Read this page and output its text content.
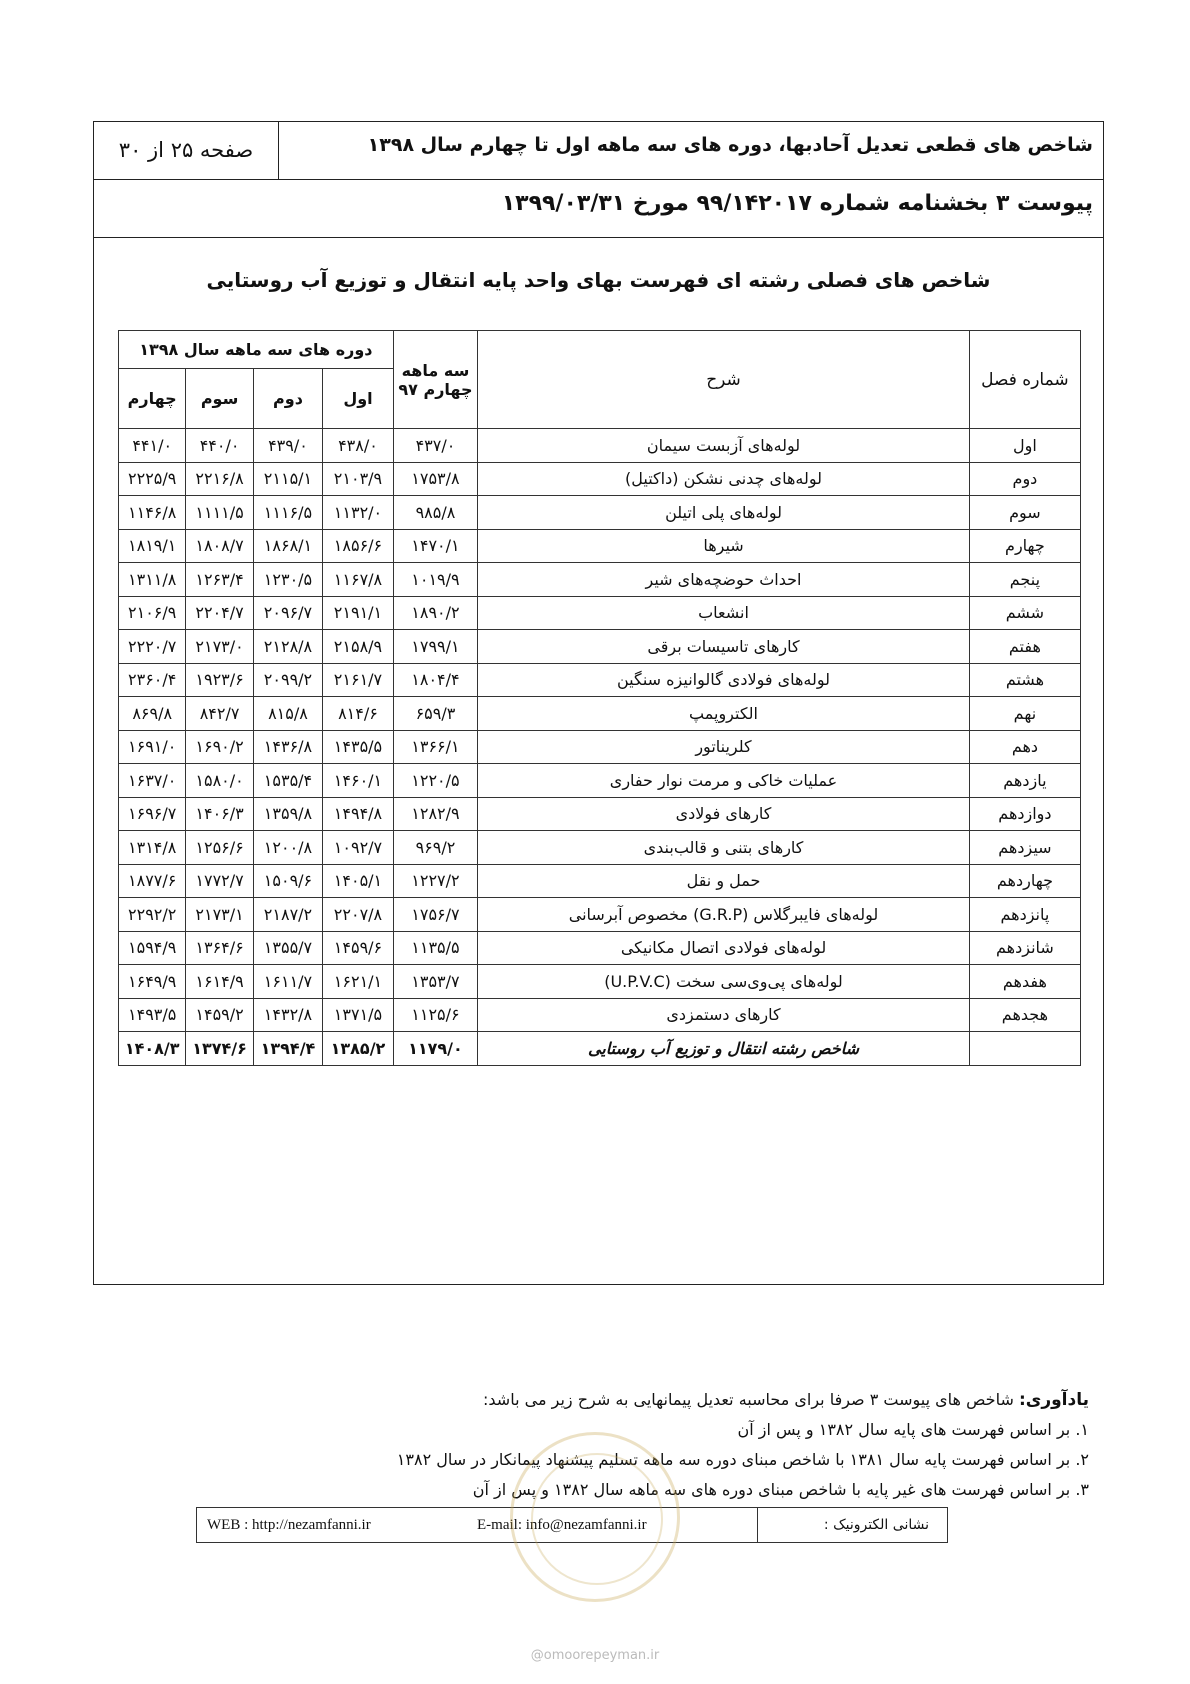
شاخص های قطعی تعدیل آحادبها، دوره های سه ماهه اول تا چهارم سال ۱۳۹۸
صفحه ۲۵ از ۳۰
پیوست ۳ بخشنامه شماره ۹۹/۱۴۲۰۱۷ مورخ ۱۳۹۹/۰۳/۳۱
شاخص های فصلی رشته ای فهرست بهای واحد پایه انتقال و توزیع آب روستایی
شماره فصل	شرح	سه ماهه چهارم ۹۷	دوره های سه ماهه سال ۱۳۹۸			
			اول	دوم	سوم	چهارم
اول	لوله‌های آزبست سیمان	۴۳۷/۰	۴۳۸/۰	۴۳۹/۰	۴۴۰/۰	۴۴۱/۰
دوم	لوله‌های چدنی نشکن (داکتیل)	۱۷۵۳/۸	۲۱۰۳/۹	۲۱۱۵/۱	۲۲۱۶/۸	۲۲۲۵/۹
سوم	لوله‌های پلی اتیلن	۹۸۵/۸	۱۱۳۲/۰	۱۱۱۶/۵	۱۱۱۱/۵	۱۱۴۶/۸
چهارم	شیرها	۱۴۷۰/۱	۱۸۵۶/۶	۱۸۶۸/۱	۱۸۰۸/۷	۱۸۱۹/۱
پنجم	احداث حوضچه‌های شیر	۱۰۱۹/۹	۱۱۶۷/۸	۱۲۳۰/۵	۱۲۶۳/۴	۱۳۱۱/۸
ششم	انشعاب	۱۸۹۰/۲	۲۱۹۱/۱	۲۰۹۶/۷	۲۲۰۴/۷	۲۱۰۶/۹
هفتم	کارهای تاسیسات برقی	۱۷۹۹/۱	۲۱۵۸/۹	۲۱۲۸/۸	۲۱۷۳/۰	۲۲۲۰/۷
هشتم	لوله‌های فولادی گالوانیزه سنگین	۱۸۰۴/۴	۲۱۶۱/۷	۲۰۹۹/۲	۱۹۲۳/۶	۲۳۶۰/۴
نهم	الکتروپمپ	۶۵۹/۳	۸۱۴/۶	۸۱۵/۸	۸۴۲/۷	۸۶۹/۸
دهم	کلریناتور	۱۳۶۶/۱	۱۴۳۵/۵	۱۴۳۶/۸	۱۶۹۰/۲	۱۶۹۱/۰
یازدهم	عملیات خاکی و مرمت نوار حفاری	۱۲۲۰/۵	۱۴۶۰/۱	۱۵۳۵/۴	۱۵۸۰/۰	۱۶۳۷/۰
دوازدهم	کارهای فولادی	۱۲۸۲/۹	۱۴۹۴/۸	۱۳۵۹/۸	۱۴۰۶/۳	۱۶۹۶/۷
سیزدهم	کارهای بتنی و قالب‌بندی	۹۶۹/۲	۱۰۹۲/۷	۱۲۰۰/۸	۱۲۵۶/۶	۱۳۱۴/۸
چهاردهم	حمل و نقل	۱۲۲۷/۲	۱۴۰۵/۱	۱۵۰۹/۶	۱۷۷۲/۷	۱۸۷۷/۶
پانزدهم	لوله‌های فایبرگلاس (G.R.P) مخصوص آبرسانی	۱۷۵۶/۷	۲۲۰۷/۸	۲۱۸۷/۲	۲۱۷۳/۱	۲۲۹۲/۲
شانزدهم	لوله‌های فولادی اتصال مکانیکی	۱۱۳۵/۵	۱۴۵۹/۶	۱۳۵۵/۷	۱۳۶۴/۶	۱۵۹۴/۹
هفدهم	لوله‌های پی‌وی‌سی سخت (U.P.V.C)	۱۳۵۳/۷	۱۶۲۱/۱	۱۶۱۱/۷	۱۶۱۴/۹	۱۶۴۹/۹
هجدهم	کارهای دستمزدی	۱۱۲۵/۶	۱۳۷۱/۵	۱۴۳۲/۸	۱۴۵۹/۲	۱۴۹۳/۵
	شاخص رشته انتقال و توزیع آب روستایی	۱۱۷۹/۰	۱۳۸۵/۲	۱۳۹۴/۴	۱۳۷۴/۶	۱۴۰۸/۳
یادآوری: شاخص های پیوست ۳ صرفا برای محاسبه تعدیل پیمانهایی به شرح زیر می باشد:
۱. بر اساس فهرست های پایه سال ۱۳۸۲ و پس از آن
۲. بر اساس فهرست پایه سال ۱۳۸۱ با شاخص مبنای دوره سه ماهه تسلیم پیشنهاد پیمانکار در سال ۱۳۸۲
۳. بر اساس فهرست های غیر پایه با شاخص مبنای دوره های سه ماهه سال ۱۳۸۲ و پس از آن
WEB : http://nezamfanni.ir	E-mail: info@nezamfanni.ir	نشانی الکترونیک :
@omoorepeyman.ir
